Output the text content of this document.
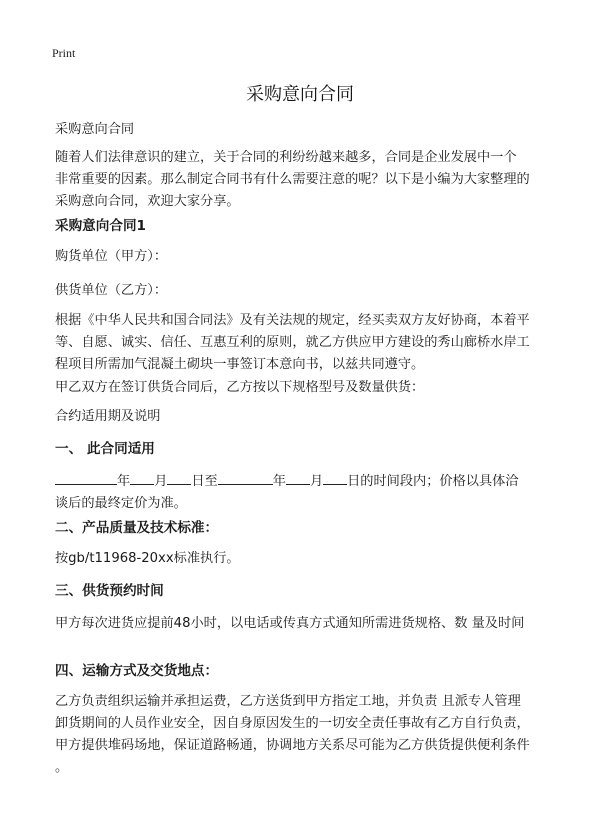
Print
采购意向合同
采购意向合同
随着人们法律意识的建立，关于合同的利纷纷越来越多，合同是企业发展中一个
非常重要的因素。那么制定合同书有什么需要注意的呢？以下是小编为大家整理的
采购意向合同，欢迎大家分享。
采购意向合同1
购货单位（甲方）：
供货单位（乙方）：
根据《中华人民共和国合同法》及有关法规的规定，经买卖双方友好协商，本着平
等、自愿、诚实、信任、互惠互利的原则，就乙方供应甲方建设的秀山廊桥水岸工
程项目所需加气混凝土砌块一事签订本意向书，以兹共同遵守。
甲乙双方在签订供货合同后，乙方按以下规格型号及数量供货：
合约适用期及说明
一、 此合同适用
年 月 日至	年 月 日的时间段内；价格以具体洽
谈后的最终定价为准。
二、产品质量及技术标准：
按gb/t11968-20xx标准执行。
三、供货预约时间
甲方每次进货应提前48小时，以电话或传真方式通知所需进货规格、数 量及时间
四、运输方式及交货地点：
乙方负责组织运输并承担运费，乙方送货到甲方指定工地，并负责 且派专人管理
卸货期间的人员作业安全，因自身原因发生的一切安全责任事故有乙方自行负责，
甲方提供堆码场地，保证道路畅通，协调地方关系尽可能为乙方供货提供便利条件
。
